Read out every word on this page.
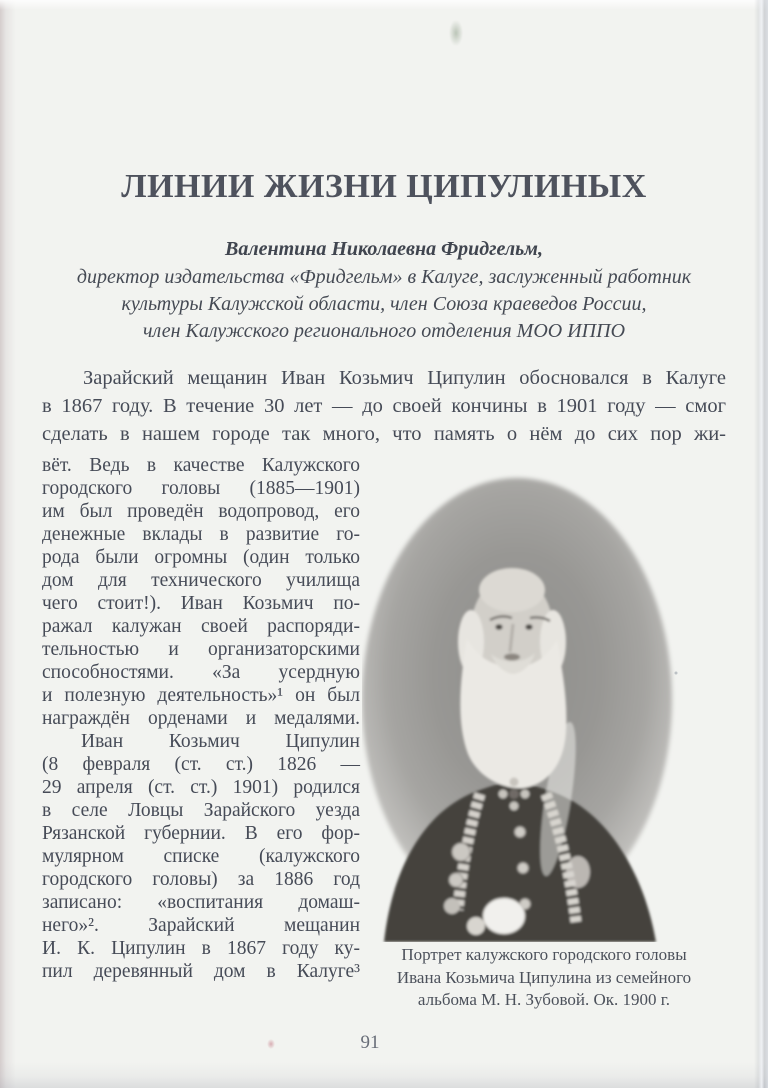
ЛИНИИ ЖИЗНИ ЦИПУЛИНЫХ
Валентина Николаевна Фридгельм,
директор издательства «Фридгельм» в Калуге, заслуженный работник
культуры Калужской области, член Союза краеведов России,
член Калужского регионального отделения МОО ИППО
  Зарайский мещанин Иван Козьмич Ципулин обосновался в Калуге
в 1867 году. В течение 30 лет — до своей кончины в 1901 году — смог
сделать в нашем городе так много, что память о нём до сих пор жи-
вёт. Ведь в качестве Калужского
городского головы (1885—1901)
им был проведён водопровод, его
денежные вклады в развитие го-
рода были огромны (один только
дом для технического училища
чего стоит!). Иван Козьмич по-
ражал калужан своей распоряди-
тельностью и организаторскими
способностями. «За усердную
и полезную деятельность»¹ он был
награждён орденами и медалями.
  Иван Козьмич Ципулин
(8 февраля (ст. ст.) 1826 —
29 апреля (ст. ст.) 1901) родился
в селе Ловцы Зарайского уезда
Рязанской губернии. В его фор-
мулярном списке (калужского
городского головы) за 1886 год
записано: «воспитания домаш-
него»². Зарайский мещанин
И. К. Ципулин в 1867 году ку-
пил деревянный дом в Калуге³
Портрет калужского городского головы
Ивана Козьмича Ципулина из семейного
альбома М. Н. Зубовой. Ок. 1900 г.
91
